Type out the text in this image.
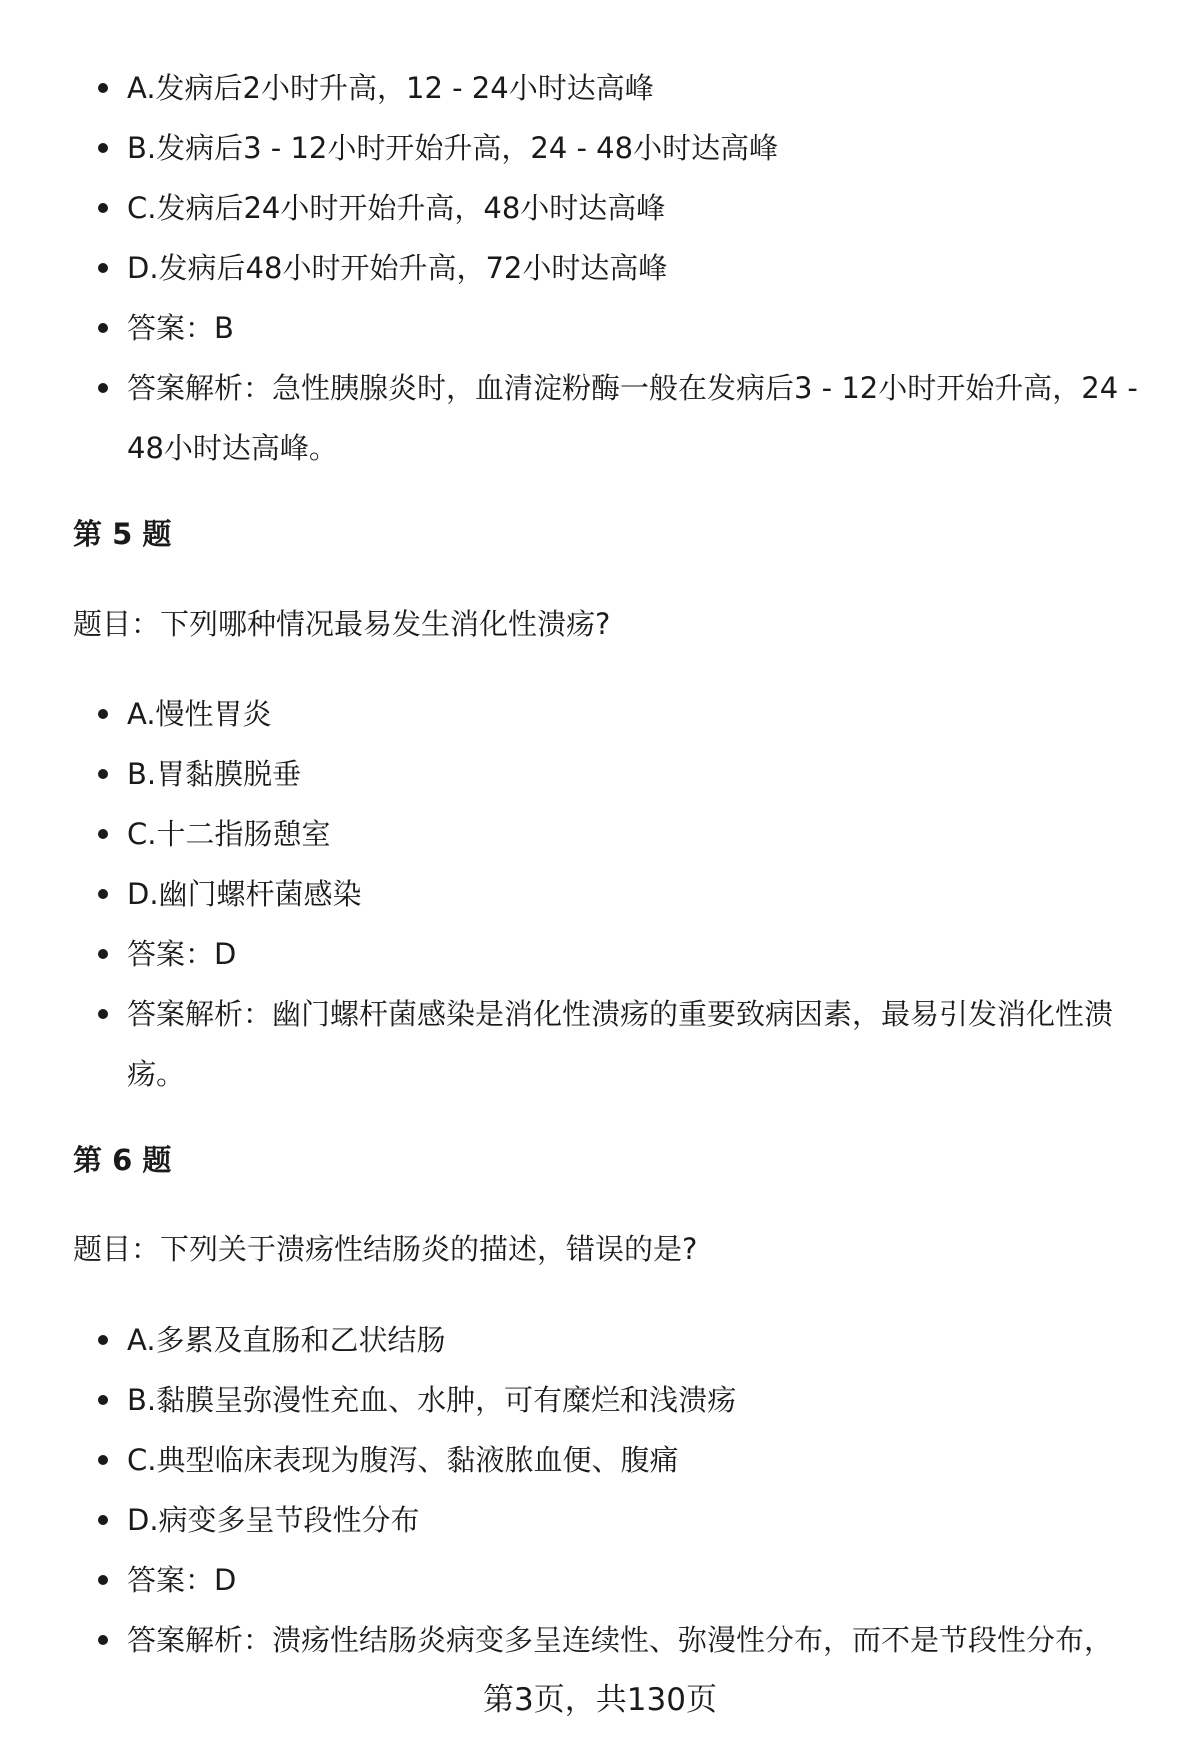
A.发病后2小时升高，12 - 24小时达高峰
B.发病后3 - 12小时开始升高，24 - 48小时达高峰
C.发病后24小时开始升高，48小时达高峰
D.发病后48小时开始升高，72小时达高峰
答案：B
答案解析：急性胰腺炎时，血清淀粉酶一般在发病后3 - 12小时开始升高，24 - 48小时达高峰。
第 5 题
题目：下列哪种情况最易发生消化性溃疡?
A.慢性胃炎
B.胃黏膜脱垂
C.十二指肠憩室
D.幽门螺杆菌感染
答案：D
答案解析：幽门螺杆菌感染是消化性溃疡的重要致病因素，最易引发消化性溃疡。
第 6 题
题目：下列关于溃疡性结肠炎的描述，错误的是?
A.多累及直肠和乙状结肠
B.黏膜呈弥漫性充血、水肿，可有糜烂和浅溃疡
C.典型临床表现为腹泻、黏液脓血便、腹痛
D.病变多呈节段性分布
答案：D
答案解析：溃疡性结肠炎病变多呈连续性、弥漫性分布，而不是节段性分布，
第3页，共130页
